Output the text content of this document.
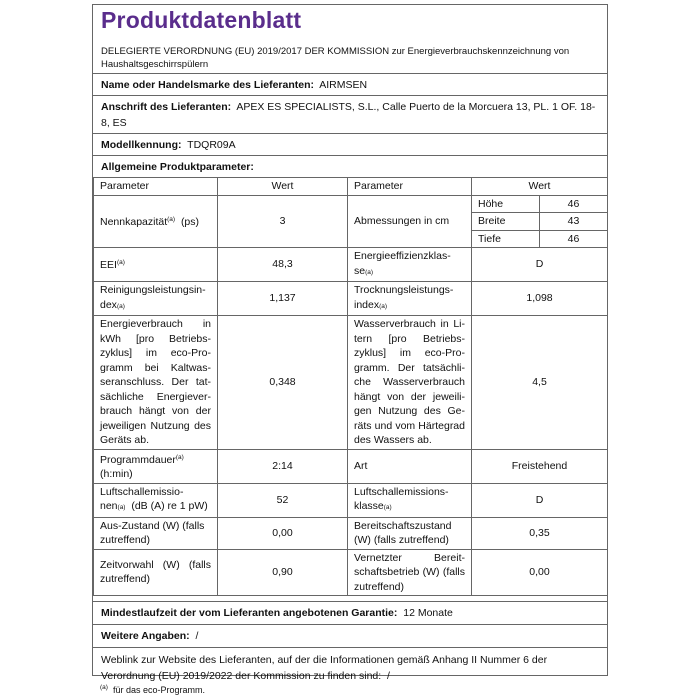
Produktdatenblatt
DELEGIERTE VERORDNUNG (EU) 2019/2017 DER KOMMISSION zur Energieverbrauchskennzeichnung von Haushaltsgeschirrspülern
Name oder Handelsmarke des Lieferanten: AIRMSEN
Anschrift des Lieferanten: APEX ES SPECIALISTS, S.L., Calle Puerto de la Morcuera 13, PL. 1 OF. 18-8, ES
Modellkennung: TDQR09A
Allgemeine Produktparameter:
Parameter	Wert	Parameter	Wert
Nennkapazität$^{(a)}$ (ps)	3	Abmessungen in cm	
Höhe	46
Breite	43
Tiefe	46

EEI$^{(a)}$	48,3	Energieeffizienzklasse(a)	D
Reinigungsleistungsindex(a)	1,137	Trocknungsleistungsindex(a)	1,098
Energieverbrauch in kWh [pro Betriebszyklus] im eco-Programm bei Kaltwasseranschluss. Der tatsächliche Energieverbrauch hängt von der jeweiligen Nutzung des Geräts ab.	0,348	Wasserverbrauch in Litern [pro Betriebszyklus] im eco-Programm. Der tatsächliche Wasserverbrauch hängt von der jeweiligen Nutzung des Geräts und vom Härtegrad des Wassers ab.	4,5
Programmdauer$^{(a)}$
(h:min)	2:14	Art	Freistehend
Luftschallemissionen(a) (dB (A) re 1 pW)	52	Luftschallemissionsklasse(a)	D
Aus-Zustand (W) (falls zutreffend)	0,00	Bereitschaftszustand (W) (falls zutreffend)	0,35
Zeitvorwahl (W) (falls zutreffend)	0,90	Vernetzter Bereitschaftsbetrieb (W) (falls zutreffend)	0,00
Mindestlaufzeit der vom Lieferanten angebotenen Garantie: 12 Monate
Weitere Angaben: /
Weblink zur Website des Lieferanten, auf der die Informationen gemäß Anhang II Nummer 6 der Verordnung (EU) 2019/2022 der Kommission zu finden sind: /
$^{(a)}$ für das eco-Programm.
